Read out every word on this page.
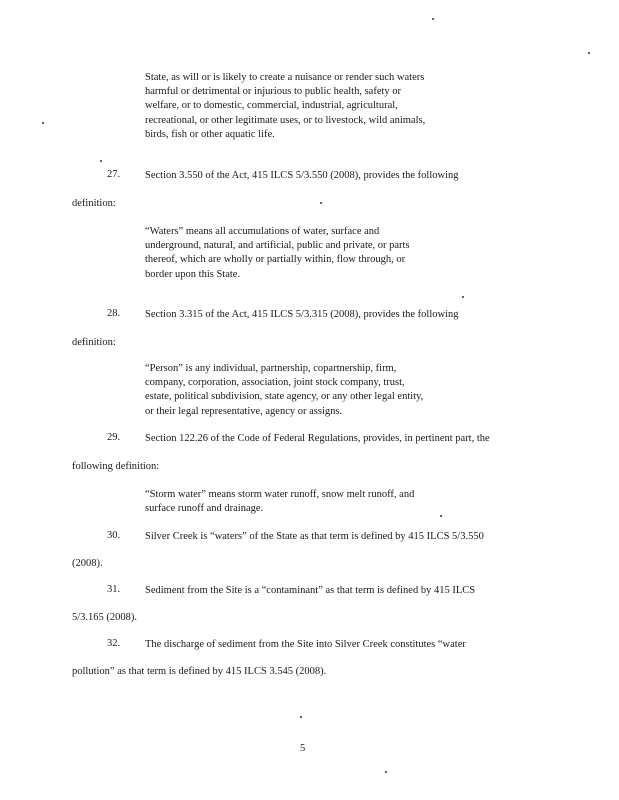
State, as will or is likely to create a nuisance or render such waters
harmful or detrimental or injurious to public health, safety or
welfare, or to domestic, commercial, industrial, agricultural,
recreational, or other legitimate uses, or to livestock, wild animals,
birds, fish or other aquatic life.
27. Section 3.550 of the Act, 415 ILCS 5/3.550 (2008), provides the following
definition:
“Waters” means all accumulations of water, surface and
underground, natural, and artificial, public and private, or parts
thereof, which are wholly or partially within, flow through, or
border upon this State.
28. Section 3.315 of the Act, 415 ILCS 5/3.315 (2008), provides the following
definition:
“Person” is any individual, partnership, copartnership, firm,
company, corporation, association, joint stock company, trust,
estate, political subdivision, state agency, or any other legal entity,
or their legal representative, agency or assigns.
29. Section 122.26 of the Code of Federal Regulations, provides, in pertinent part, the
following definition:
“Storm water” means storm water runoff, snow melt runoff, and
surface runoff and drainage.
30. Silver Creek is “waters” of the State as that term is defined by 415 ILCS 5/3.550
(2008).
31. Sediment from the Site is a “contaminant” as that term is defined by 415 ILCS
5/3.165 (2008).
32. The discharge of sediment from the Site into Silver Creek constitutes “water
pollution” as that term is defined by 415 ILCS 3.545 (2008).
5
